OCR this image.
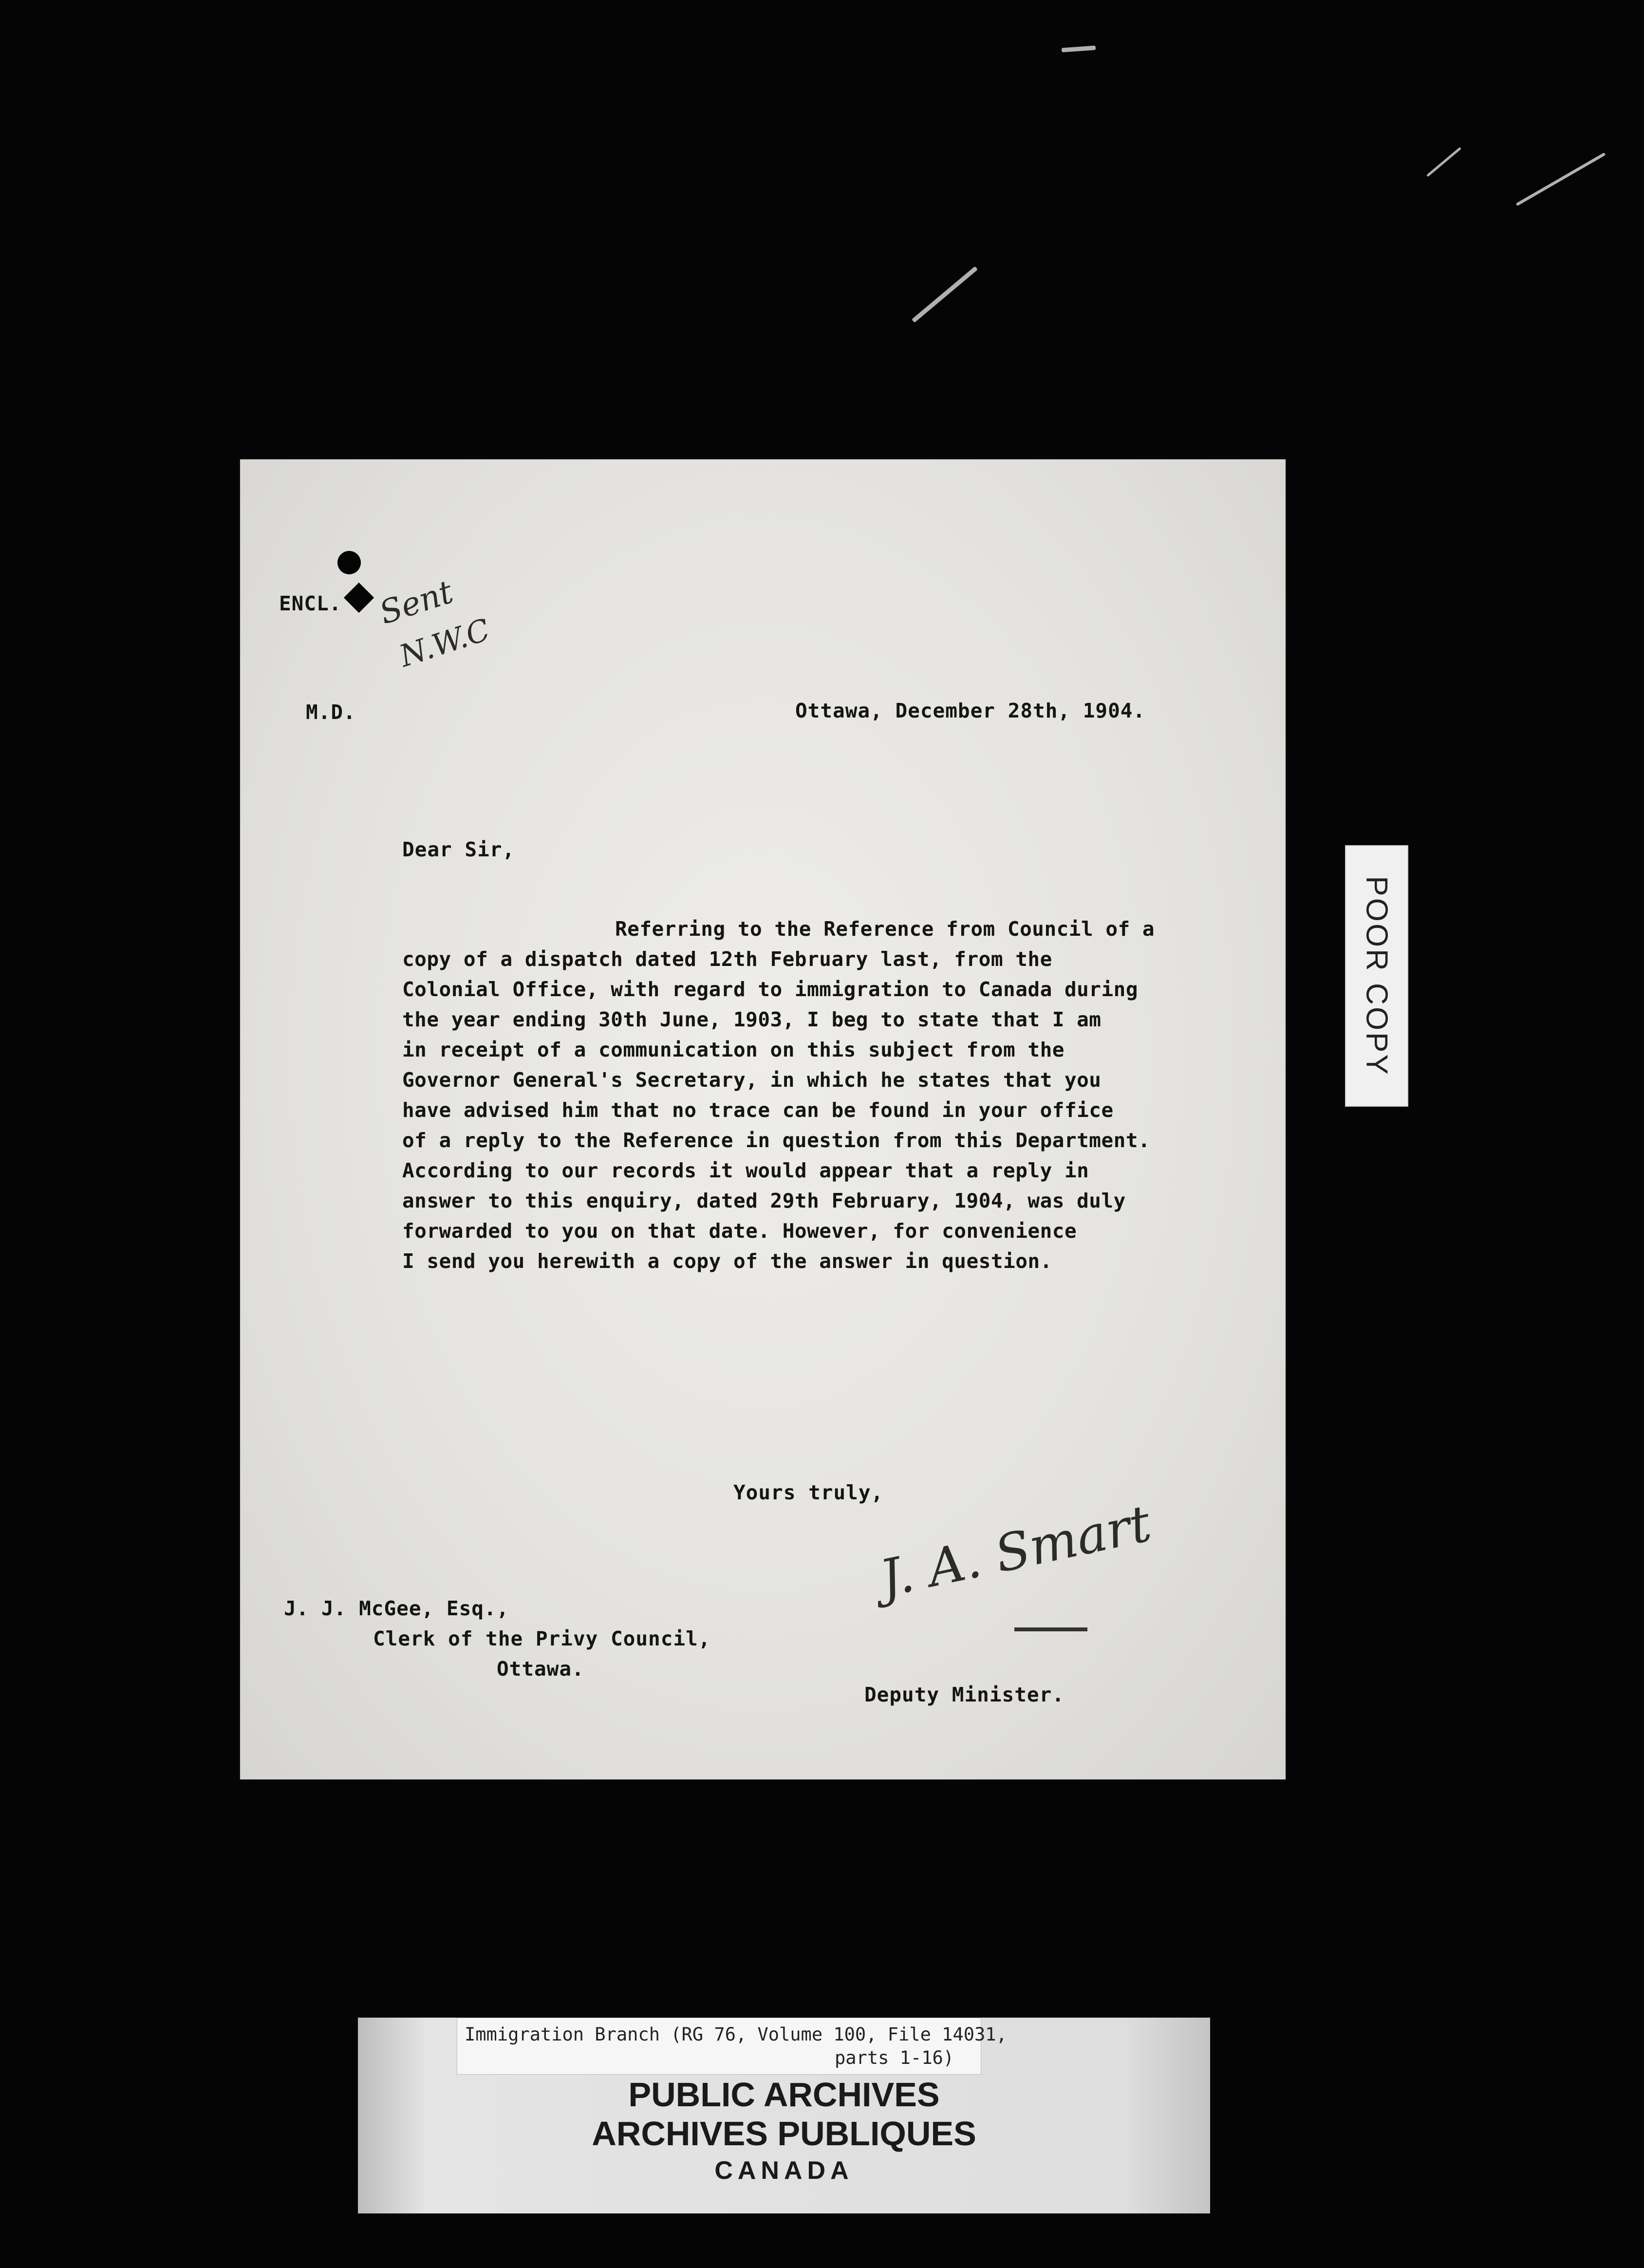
ENCL. Sent
N.W.C
M.D.	Ottawa, December 28th, 1904.
Dear Sir,
Referring to the Reference from Council of a
copy of a dispatch dated 12th February last, from the
Colonial Office, with regard to immigration to Canada during
the year ending 30th June, 1903, I beg to state that I am
in receipt of a communication on this subject from the
Governor General's Secretary, in which he states that you
have advised him that no trace can be found in your office
of a reply to the Reference in question from this Department.
According to our records it would appear that a reply in
answer to this enquiry, dated 29th February, 1904, was duly
forwarded to you on that date. However, for convenience
I send you herewith a copy of the answer in question.
Yours truly,
J. A. Smart
J. J. McGee, Esq.,
Clerk of the Privy Council,
Ottawa.
Deputy Minister.
POOR COPY
Immigration Branch (RG 76, Volume 100, File 14031,
parts 1-16)
PUBLIC ARCHIVES
ARCHIVES PUBLIQUES
CANADA
